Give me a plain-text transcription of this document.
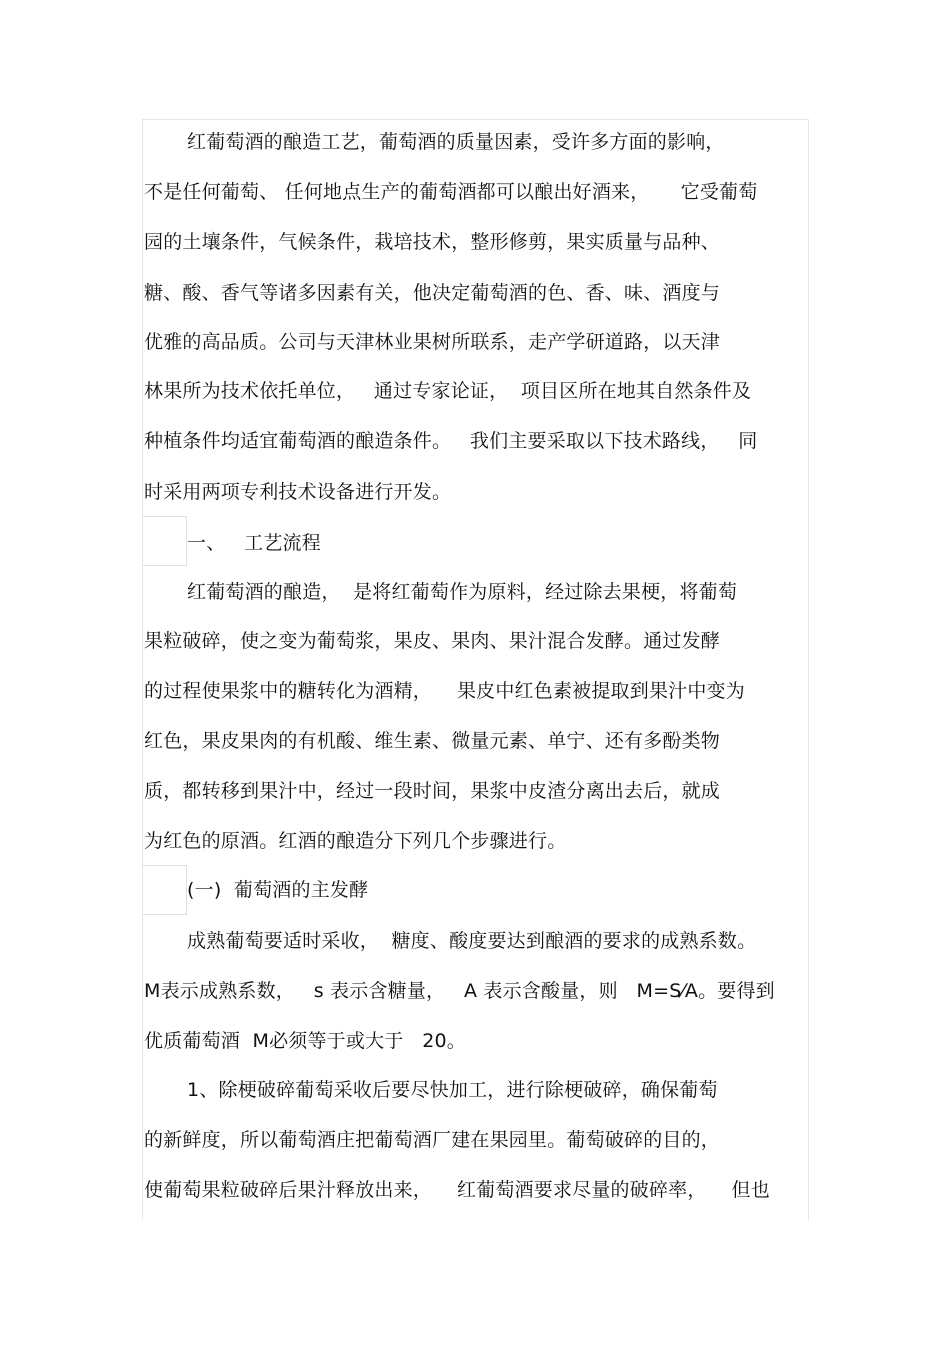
红葡萄酒的酿造工艺，葡萄酒的质量因素，受许多方面的影响，
不是任何葡萄、 任何地点生产的葡萄酒都可以酿出好酒来，     它受葡萄
园的土壤条件，气候条件，栽培技术，整形修剪，果实质量与品种、
糖、酸、香气等诸多因素有关，他决定葡萄酒的色、香、味、酒度与
优雅的高品质。公司与天津林业果树所联系，走产学研道路，以天津
林果所为技术依托单位，   通过专家论证，  项目区所在地其自然条件及
种植条件均适宜葡萄酒的酿造条件。   我们主要采取以下技术路线，   同
时采用两项专利技术设备进行开发。
一、   工艺流程
红葡萄酒的酿造，  是将红葡萄作为原料，经过除去果梗，将葡萄
果粒破碎，使之变为葡萄浆，果皮、果肉、果汁混合发酵。通过发酵
的过程使果浆中的糖转化为酒精，    果皮中红色素被提取到果汁中变为
红色，果皮果肉的有机酸、维生素、微量元素、单宁、还有多酚类物
质，都转移到果汁中，经过一段时间，果浆中皮渣分离出去后，就成
为红色的原酒。红酒的酿造分下列几个步骤进行。
(一)  葡萄酒的主发酵
成熟葡萄要适时采收，  糖度、酸度要达到酿酒的要求的成熟系数。
M表示成熟系数，   s 表示含糖量，   A 表示含酸量，则   M=S⁄A。要得到
优质葡萄酒  M必须等于或大于   20。
1、除梗破碎葡萄采收后要尽快加工，进行除梗破碎，确保葡萄
的新鲜度，所以葡萄酒庄把葡萄酒厂建在果园里。葡萄破碎的目的，
使葡萄果粒破碎后果汁释放出来，    红葡萄酒要求尽量的破碎率，    但也
